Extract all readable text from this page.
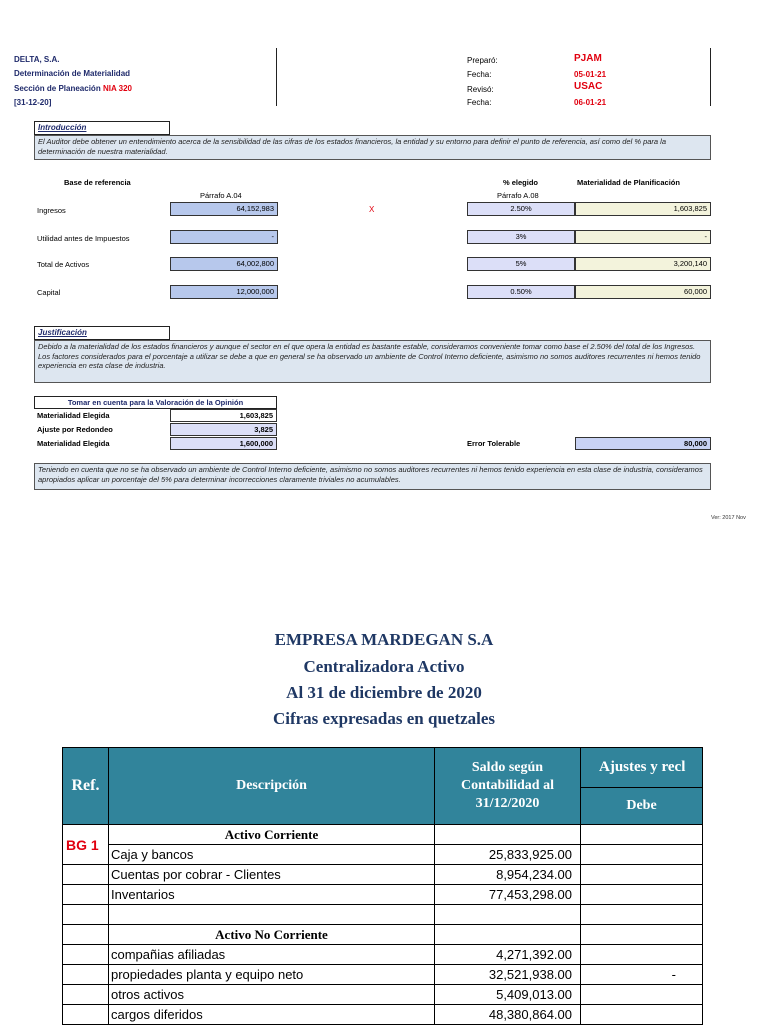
DELTA, S.A.
Determinación de Materialidad
Sección de Planeación NIA 320
[31-12-20]
Preparó:	PJAM
Fecha:	05-01-21
Revisó:	USAC
Fecha:	06-01-21
Introducción
El Auditor debe obtener un entendimiento acerca de la sensibilidad de las cifras de los estados financieros, la entidad y su entorno para definir el punto de referencia, así como del % para la determinación de nuestra materialidad.
Base de referencia	% elegido	Materialidad de Planificación
Párrafo A.04	Párrafo A.08
Ingresos	64,152,983	X	2.50%	1,603,825
Utilidad antes de Impuestos	-	3%	-
Total de Activos	64,002,800	5%	3,200,140
Capital	12,000,000	0.50%	60,000
Justificación
Debido a la materialidad de los estados financieros y aunque el sector en el que opera la entidad es bastante estable, consideramos conveniente tomar como base el 2.50% del total de los Ingresos. Los factores considerados para el porcentaje a utilizar se debe a que en general se ha observado un ambiente de Control Interno deficiente, asimismo no somos auditores recurrentes ni hemos tenido experiencia en esta clase de industria.
Tomar en cuenta para la Valoración de la Opinión
Materialidad Elegida	1,603,825
Ajuste por Redondeo	3,825
Materialidad Elegida	1,600,000	Error Tolerable	80,000
Teniendo en cuenta que no se ha observado un ambiente de Control Interno deficiente, asimismo no somos auditores recurrentes ni hemos tenido experiencia en esta clase de industria, consideramos apropiados aplicar un porcentaje del 5% para determinar incorrecciones claramente triviales no acumulables.
Ver: 2017 Nov
EMPRESA MARDEGAN S.A
Centralizadora Activo
Al 31 de diciembre de 2020
Cifras expresadas en quetzales
Ref.	Descripción	Saldo según
Contabilidad al
31/12/2020	Ajustes y recl
			Debe
BG 1	Activo Corriente		
	Caja y bancos	25,833,925.00	
	Cuentas por cobrar - Clientes	8,954,234.00	
	Inventarios	77,453,298.00	

	Activo No Corriente		
	compañias afiliadas	4,271,392.00	
	propiedades planta y equipo neto	32,521,938.00	-
	otros activos	5,409,013.00	
	cargos diferidos	48,380,864.00	
